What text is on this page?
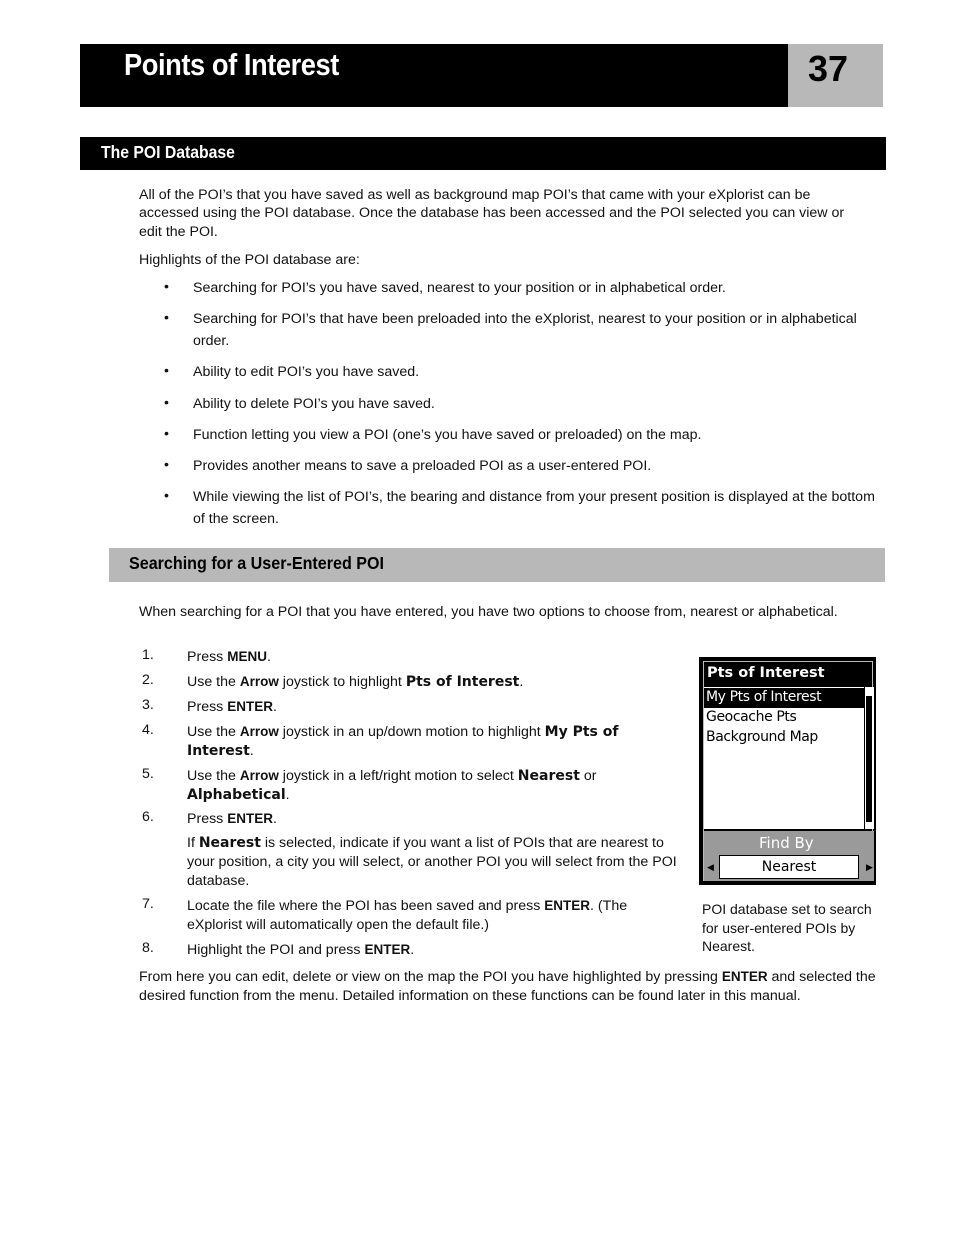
Points of Interest	37
The POI Database
All of the POI’s that you have saved as well as background map POI’s that came with your eXplorist can be
accessed using the POI database. Once the database has been accessed and the POI selected you can view or
edit the POI.
Highlights of the POI database are:
• Searching for POI’s you have saved, nearest to your position or in alphabetical order.
• Searching for POI’s that have been preloaded into the eXplorist, nearest to your position or in alphabetical order.
• Ability to edit POI’s you have saved.
• Ability to delete POI’s you have saved.
• Function letting you view a POI (one’s you have saved or preloaded) on the map.
• Provides another means to save a preloaded POI as a user-entered POI.
• While viewing the list of POI’s, the bearing and distance from your present position is displayed at the bottom of the screen.
Searching for a User-Entered POI
When searching for a POI that you have entered, you have two options to choose from, nearest or alphabetical.
1. Press MENU.
2. Use the Arrow joystick to highlight Pts of Interest.
3. Press ENTER.
4. Use the Arrow joystick in an up/down motion to highlight My Pts of Interest.
5. Use the Arrow joystick in a left/right motion to select Nearest or Alphabetical.
6. Press ENTER.
7. Locate the file where the POI has been saved and press ENTER. (The eXplorist will automatically open the default file.)
8. Highlight the POI and press ENTER.
If Nearest is selected, indicate if you want a list of POIs that are nearest to your position, a city you will select, or another POI you will select from the POI database.
From here you can edit, delete or view on the map the POI you have highlighted by pressing ENTER and selected the desired function from the menu. Detailed information on these functions can be found later in this manual.
Pts of Interest
My Pts of Interest
Geocache Pts
Background Map
Find By
◀	Nearest	▶
POI database set to search for user-entered POIs by Nearest.
